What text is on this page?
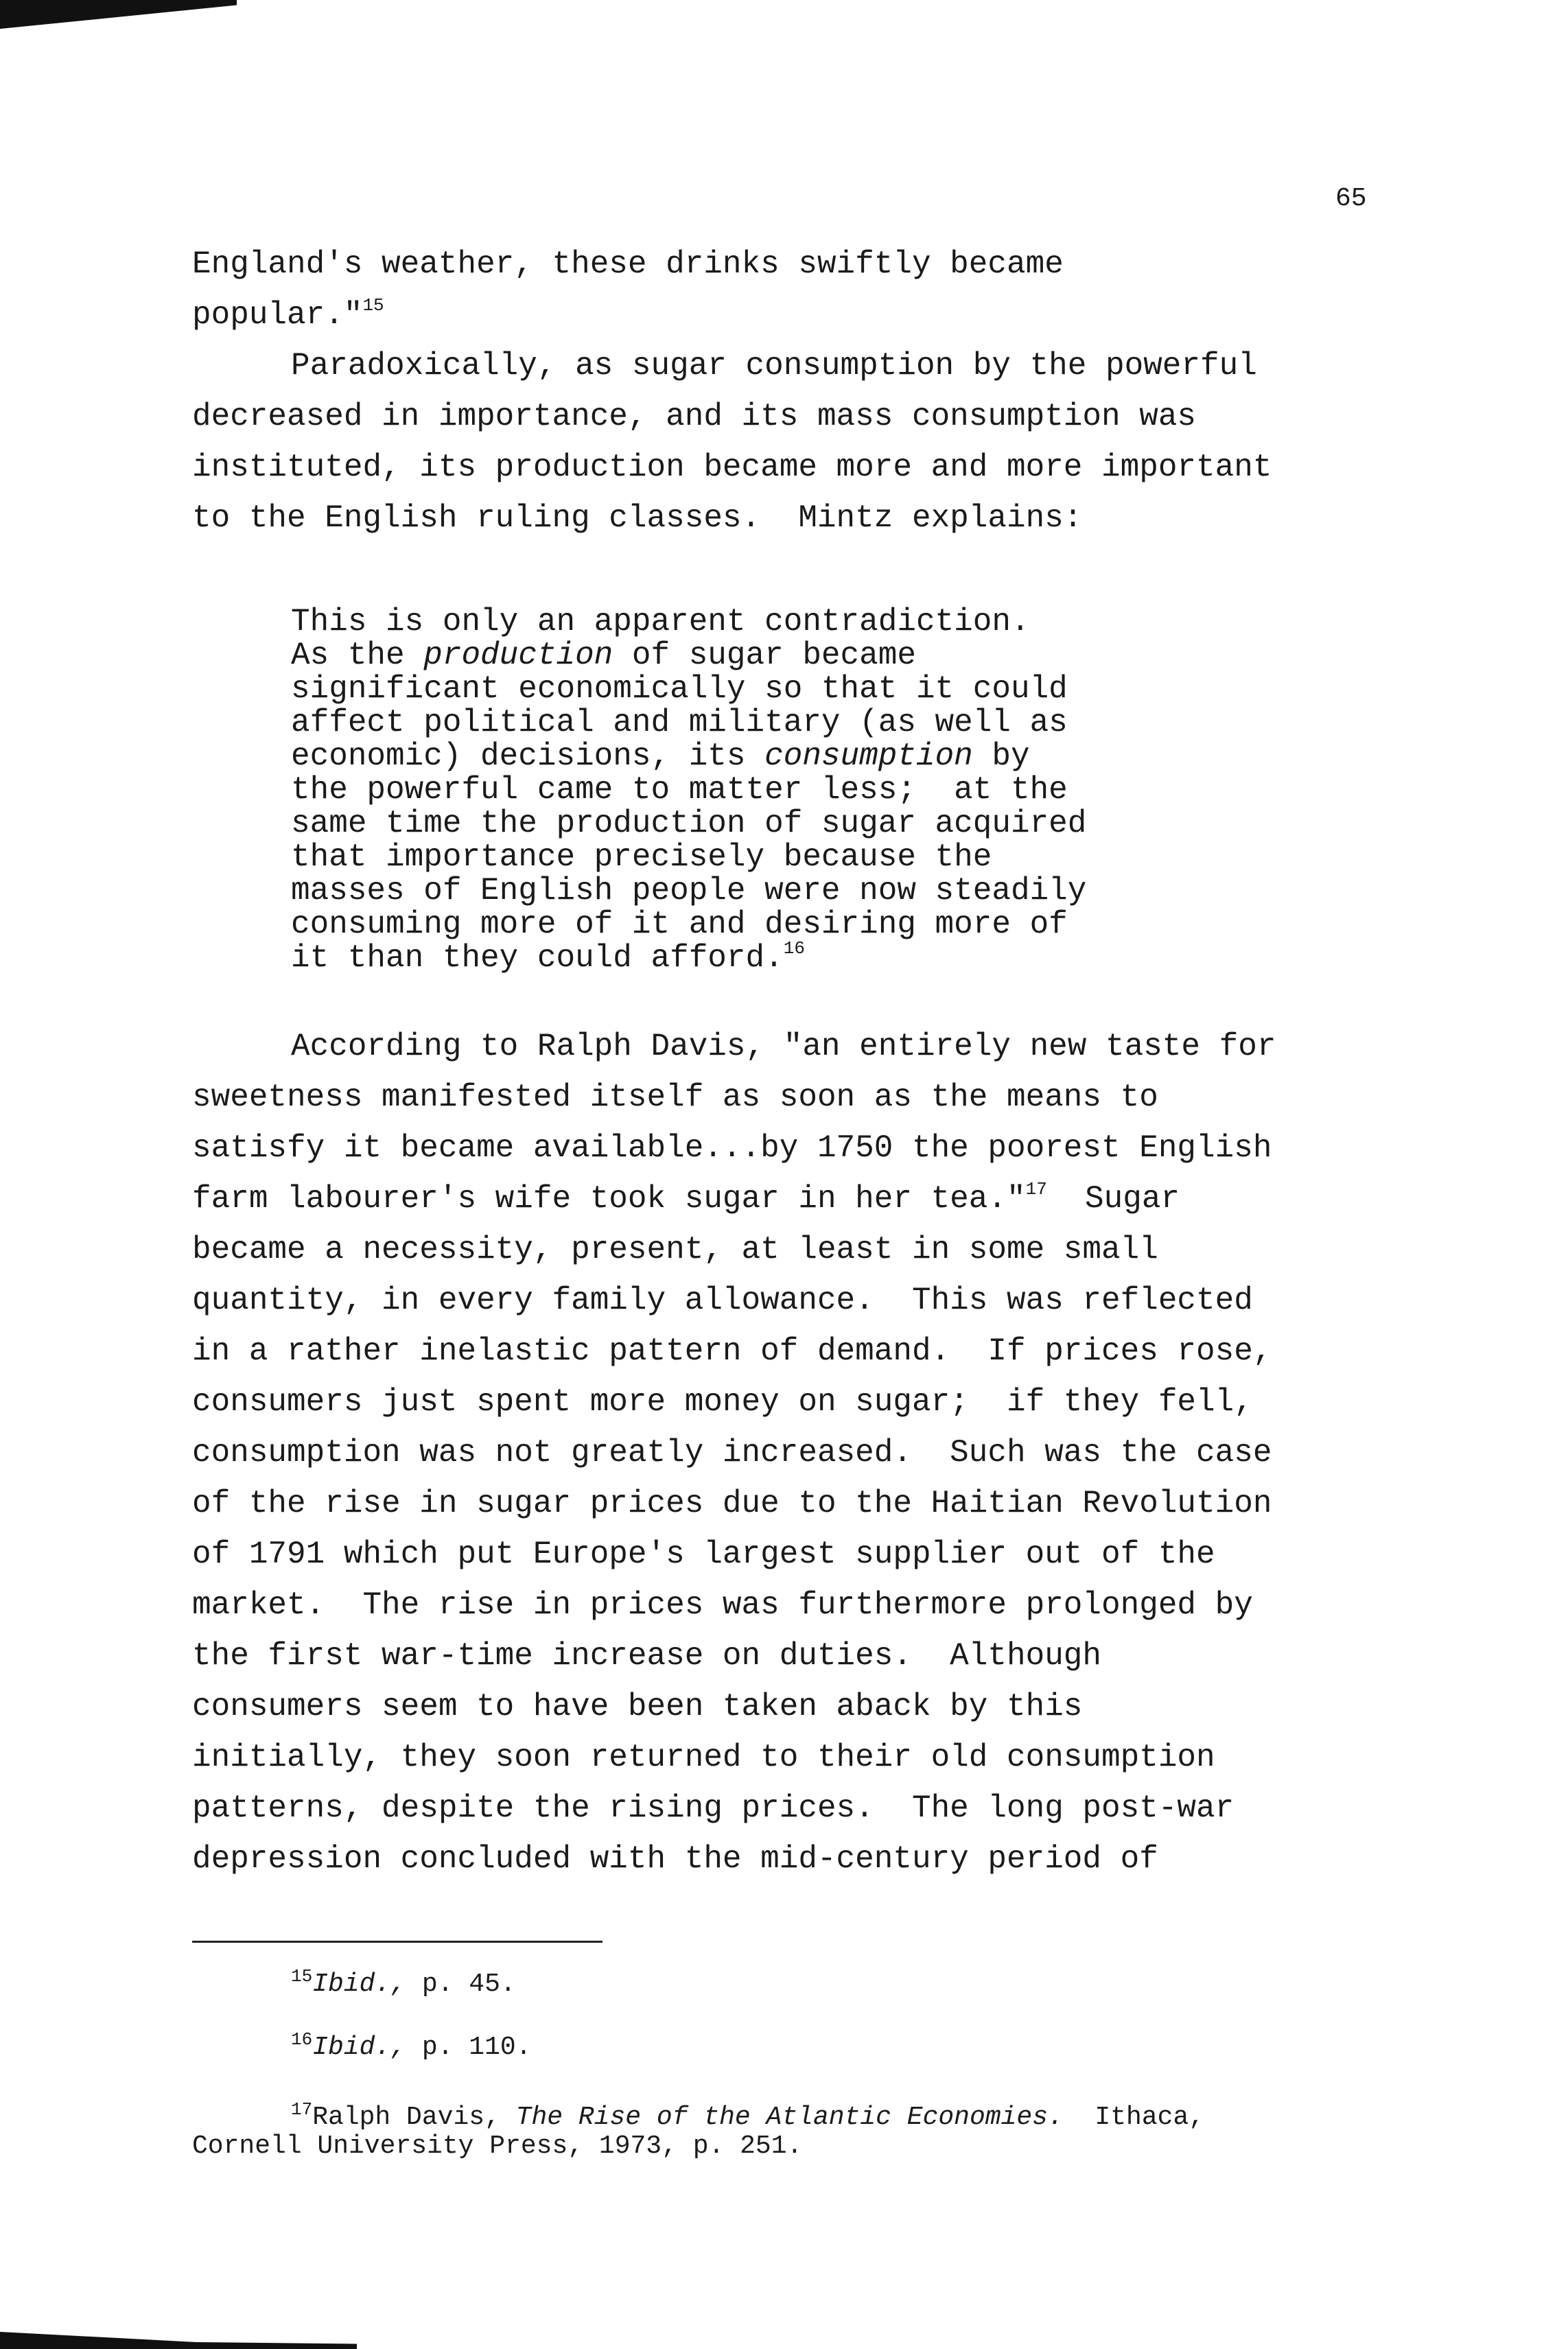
65
England's weather, these drinks swiftly became
popular."$^{15}$
Paradoxically, as sugar consumption by the powerful
decreased in importance, and its mass consumption was
instituted, its production became more and more important
to the English ruling classes.  Mintz explains:
This is only an apparent contradiction.
As the production of sugar became
significant economically so that it could
affect political and military (as well as
economic) decisions, its consumption by
the powerful came to matter less;  at the
same time the production of sugar acquired
that importance precisely because the
masses of English people were now steadily
consuming more of it and desiring more of
it than they could afford.$^{16}$
According to Ralph Davis, "an entirely new taste for
sweetness manifested itself as soon as the means to
satisfy it became available...by 1750 the poorest English
farm labourer's wife took sugar in her tea."$^{17}$  Sugar
became a necessity, present, at least in some small
quantity, in every family allowance.  This was reflected
in a rather inelastic pattern of demand.  If prices rose,
consumers just spent more money on sugar;  if they fell,
consumption was not greatly increased.  Such was the case
of the rise in sugar prices due to the Haitian Revolution
of 1791 which put Europe's largest supplier out of the
market.  The rise in prices was furthermore prolonged by
the first war-time increase on duties.  Although
consumers seem to have been taken aback by this
initially, they soon returned to their old consumption
patterns, despite the rising prices.  The long post-war
depression concluded with the mid-century period of
$^{15}$Ibid., p. 45.
$^{16}$Ibid., p. 110.
$^{17}$Ralph Davis, The Rise of the Atlantic Economies.  Ithaca,
Cornell University Press, 1973, p. 251.
